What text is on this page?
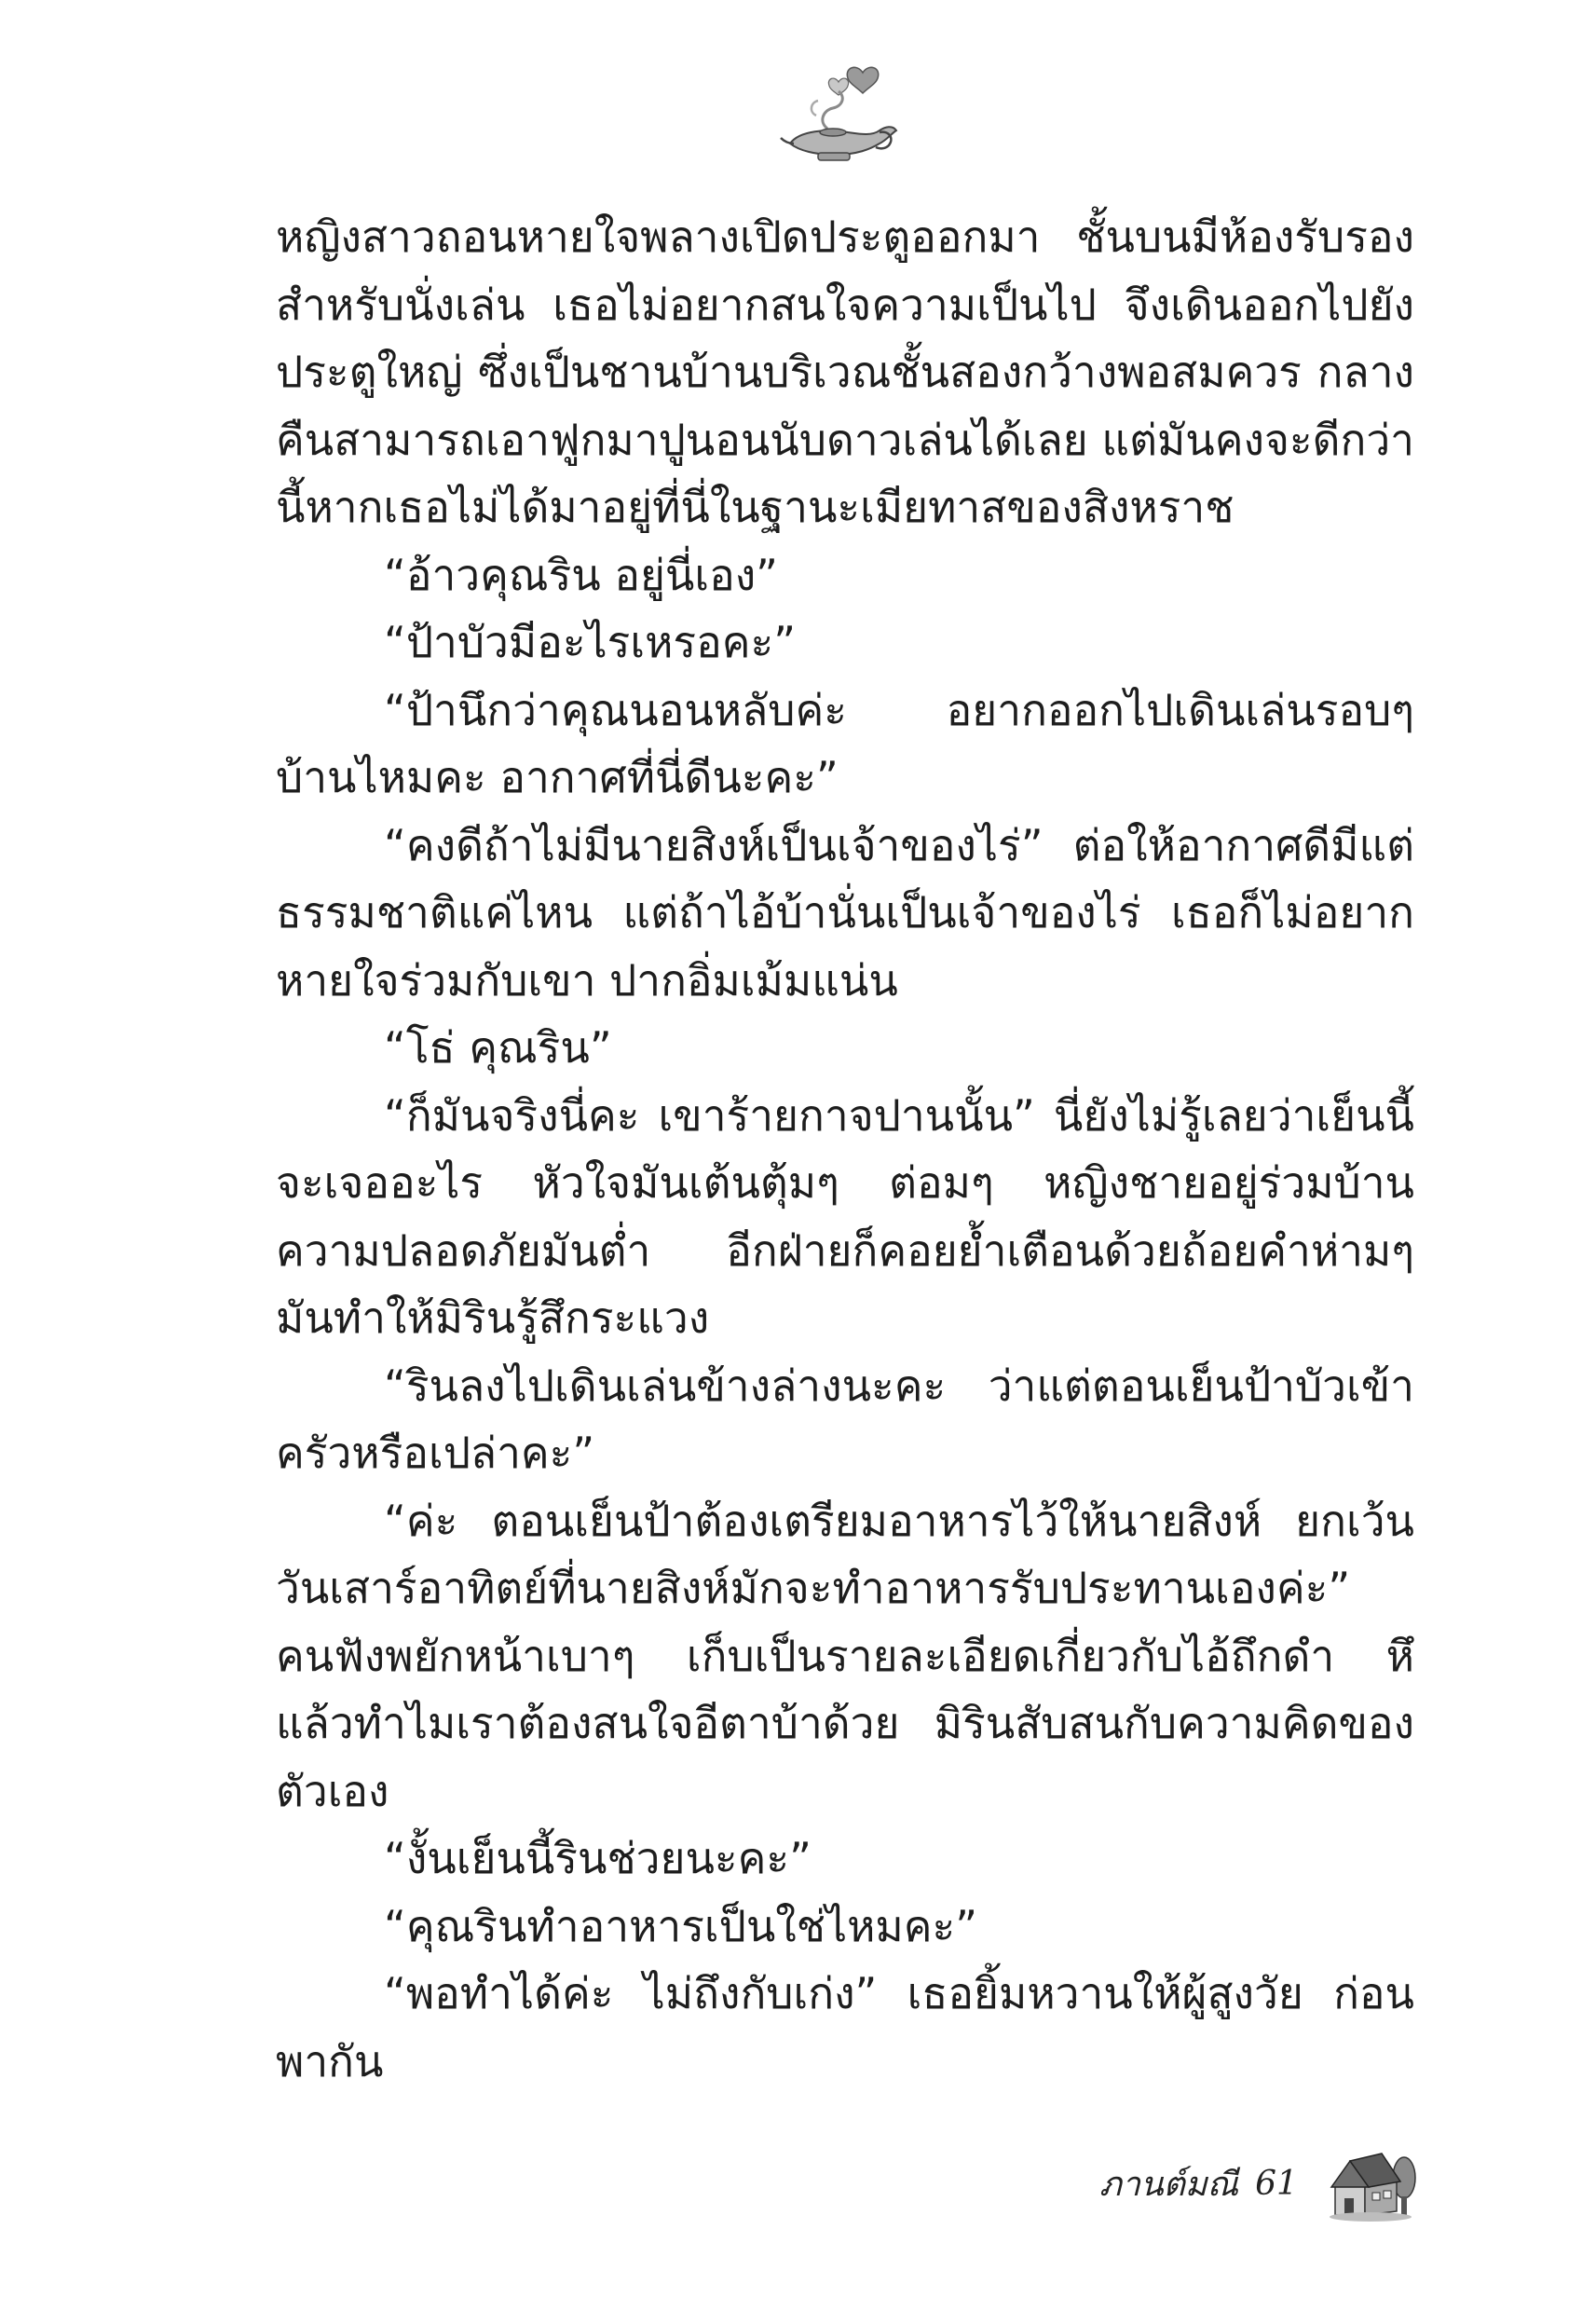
หญิงสาวถอนหายใจพลางเปิดประตูออกมา ชั้นบนมีห้องรับรองสำหรับนั่งเล่น เธอไม่อยากสนใจความเป็นไป จึงเดินออกไปยังประตูใหญ่ ซึ่งเป็นชานบ้านบริเวณชั้นสองกว้างพอสมควร กลางคืนสามารถเอาฟูกมาปูนอนนับดาวเล่นได้เลย แต่มันคงจะดีกว่านี้หากเธอไม่ได้มาอยู่ที่นี่ในฐานะเมียทาสของสิงหราช

“อ้าวคุณริน อยู่นี่เอง”

“ป้าบัวมีอะไรเหรอคะ”

“ป้านึกว่าคุณนอนหลับค่ะ อยากออกไปเดินเล่นรอบๆ บ้านไหมคะ อากาศที่นี่ดีนะคะ”

“คงดีถ้าไม่มีนายสิงห์เป็นเจ้าของไร่” ต่อให้อากาศดีมีแต่ธรรมชาติแค่ไหน แต่ถ้าไอ้บ้านั่นเป็นเจ้าของไร่ เธอก็ไม่อยากหายใจร่วมกับเขา ปากอิ่มเม้มแน่น

“โธ่ คุณริน”

“ก็มันจริงนี่คะ เขาร้ายกาจปานนั้น” นี่ยังไม่รู้เลยว่าเย็นนี้จะเจออะไร หัวใจมันเต้นตุ้มๆ ต่อมๆ หญิงชายอยู่ร่วมบ้าน ความปลอดภัยมันต่ำ อีกฝ่ายก็คอยย้ำเตือนด้วยถ้อยคำห่ามๆ มันทำให้มิรินรู้สึกระแวง

“รินลงไปเดินเล่นข้างล่างนะคะ ว่าแต่ตอนเย็นป้าบัวเข้าครัวหรือเปล่าคะ”

“ค่ะ ตอนเย็นป้าต้องเตรียมอาหารไว้ให้นายสิงห์ ยกเว้นวันเสาร์อาทิตย์ที่นายสิงห์มักจะทำอาหารรับประทานเองค่ะ” คนฟังพยักหน้าเบาๆ เก็บเป็นรายละเอียดเกี่ยวกับไอ้ถึกดำ หึ แล้วทำไมเราต้องสนใจอีตาบ้าด้วย มิรินสับสนกับความคิดของตัวเอง

“งั้นเย็นนี้รินช่วยนะคะ”

“คุณรินทำอาหารเป็นใช่ไหมคะ”

“พอทำได้ค่ะ ไม่ถึงกับเก่ง” เธอยิ้มหวานให้ผู้สูงวัย ก่อนพากัน

ภานต์มณี 61
